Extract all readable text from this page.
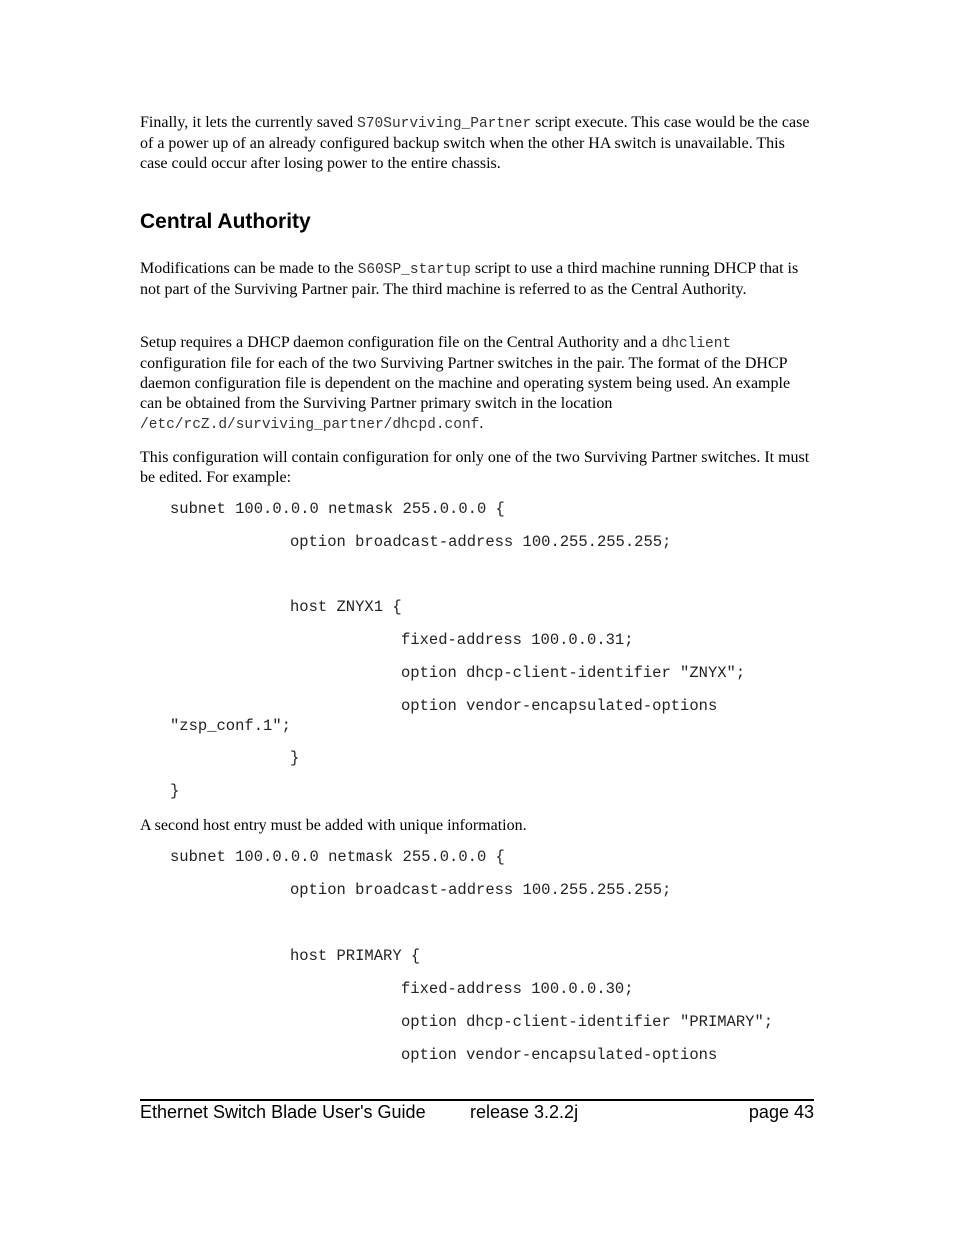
Finally, it lets the currently saved S70Surviving_Partner script execute. This case would be the case of a power up of an already configured backup switch when the other HA switch is unavailable. This case could occur after losing power to the entire chassis.

Central Authority

Modifications can be made to the S60SP_startup script to use a third machine running DHCP that is not part of the Surviving Partner pair. The third machine is referred to as the Central Authority.

Setup requires a DHCP daemon configuration file on the Central Authority and a dhclient configuration file for each of the two Surviving Partner switches in the pair. The format of the DHCP daemon configuration file is dependent on the machine and operating system being used. An example can be obtained from the Surviving Partner primary switch in the location /etc/rcZ.d/surviving_partner/dhcpd.conf.

This configuration will contain configuration for only one of the two Surviving Partner switches. It must be edited. For example:

subnet 100.0.0.0 netmask 255.0.0.0 {
option broadcast-address 100.255.255.255;
host ZNYX1 {
fixed-address 100.0.0.31;
option dhcp-client-identifier "ZNYX";
option vendor-encapsulated-options
"zsp_conf.1";
}
}

A second host entry must be added with unique information.

subnet 100.0.0.0 netmask 255.0.0.0 {
option broadcast-address 100.255.255.255;
host PRIMARY {
fixed-address 100.0.0.30;
option dhcp-client-identifier "PRIMARY";
option vendor-encapsulated-options
Ethernet Switch Blade User's Guide release 3.2.2j	page 43
